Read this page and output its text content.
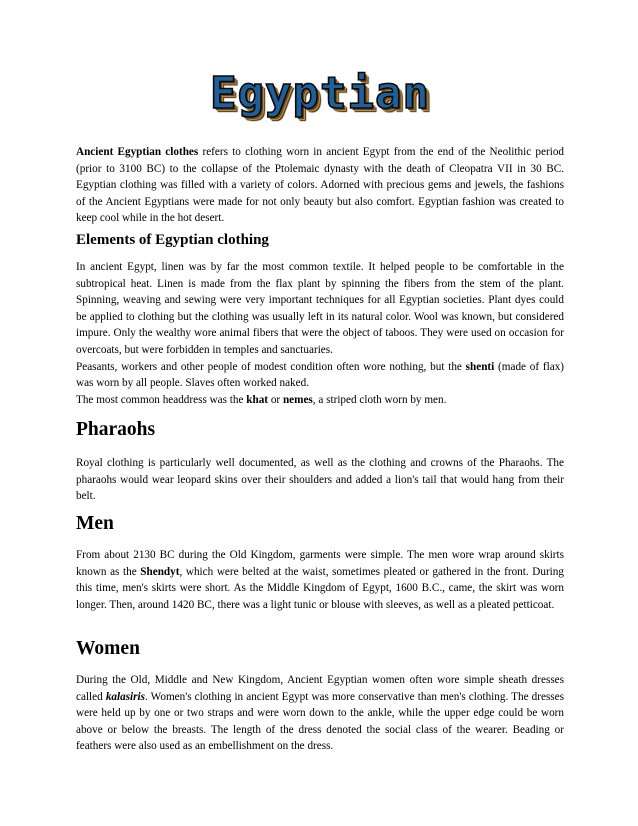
Egyptian

Ancient Egyptian clothes refers to clothing worn in ancient Egypt from the end of the Neolithic period (prior to 3100 BC) to the collapse of the Ptolemaic dynasty with the death of Cleopatra VII in 30 BC. Egyptian clothing was filled with a variety of colors. Adorned with precious gems and jewels, the fashions of the Ancient Egyptians were made for not only beauty but also comfort. Egyptian fashion was created to keep cool while in the hot desert.

Elements of Egyptian clothing

In ancient Egypt, linen was by far the most common textile. It helped people to be comfortable in the subtropical heat. Linen is made from the flax plant by spinning the fibers from the stem of the plant. Spinning, weaving and sewing were very important techniques for all Egyptian societies. Plant dyes could be applied to clothing but the clothing was usually left in its natural color. Wool was known, but considered impure. Only the wealthy wore animal fibers that were the object of taboos. They were used on occasion for overcoats, but were forbidden in temples and sanctuaries.

Peasants, workers and other people of modest condition often wore nothing, but the shenti (made of flax) was worn by all people. Slaves often worked naked.

The most common headdress was the khat or nemes, a striped cloth worn by men.

Pharaohs

Royal clothing is particularly well documented, as well as the clothing and crowns of the Pharaohs. The pharaohs would wear leopard skins over their shoulders and added a lion's tail that would hang from their belt.

Men

From about 2130 BC during the Old Kingdom, garments were simple. The men wore wrap around skirts known as the Shendyt, which were belted at the waist, sometimes pleated or gathered in the front. During this time, men's skirts were short. As the Middle Kingdom of Egypt, 1600 B.C., came, the skirt was worn longer. Then, around 1420 BC, there was a light tunic or blouse with sleeves, as well as a pleated petticoat.

Women

During the Old, Middle and New Kingdom, Ancient Egyptian women often wore simple sheath dresses called kalasiris. Women's clothing in ancient Egypt was more conservative than men's clothing. The dresses were held up by one or two straps and were worn down to the ankle, while the upper edge could be worn above or below the breasts. The length of the dress denoted the social class of the wearer. Beading or feathers were also used as an embellishment on the dress.
